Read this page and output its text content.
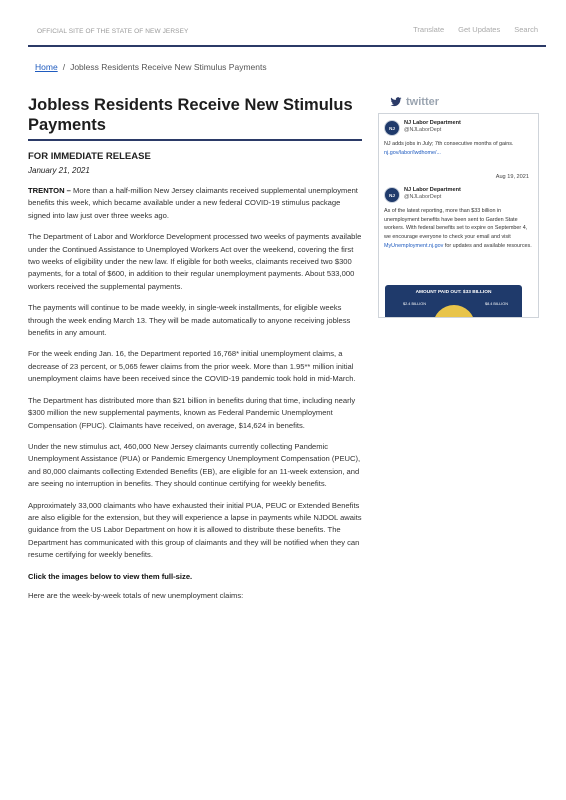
OFFICIAL SITE OF THE STATE OF NEW JERSEY	Translate Get Updates Search
Home / Jobless Residents Receive New Stimulus Payments
Jobless Residents Receive New Stimulus Payments
FOR IMMEDIATE RELEASE
January 21, 2021

TRENTON – More than a half-million New Jersey claimants received supplemental unemployment benefits this week, which became available under a new federal COVID-19 stimulus package signed into law just over three weeks ago.

The Department of Labor and Workforce Development processed two weeks of payments available under the Continued Assistance to Unemployed Workers Act over the weekend, covering the first two weeks of eligibility under the new law. If eligible for both weeks, claimants received two $300 payments, for a total of $600, in addition to their regular unemployment payments. About 533,000 workers received the supplemental payments.

The payments will continue to be made weekly, in single-week installments, for eligible weeks through the week ending March 13. They will be made automatically to anyone receiving jobless benefits in any amount.

For the week ending Jan. 16, the Department reported 16,768* initial unemployment claims, a decrease of 23 percent, or 5,065 fewer claims from the prior week. More than 1.95** million initial unemployment claims have been received since the COVID-19 pandemic took hold in mid-March.

The Department has distributed more than $21 billion in benefits during that time, including nearly $300 million the new supplemental payments, known as Federal Pandemic Unemployment Compensation (FPUC). Claimants have received, on average, $14,624 in benefits.

Under the new stimulus act, 460,000 New Jersey claimants currently collecting Pandemic Unemployment Assistance (PUA) or Pandemic Emergency Unemployment Compensation (PEUC), and 80,000 claimants collecting Extended Benefits (EB), are eligible for an 11-week extension, and are seeing no interruption in benefits. They should continue certifying for weekly benefits.

Approximately 33,000 claimants who have exhausted their initial PUA, PEUC or Extended Benefits are also eligible for the extension, but they will experience a lapse in payments while NJDOL awaits guidance from the US Labor Department on how it is allowed to distribute these benefits. The Department has communicated with this group of claimants and they will be notified when they can resume certifying for weekly benefits.

Click the images below to view them full-size.

Here are the week-by-week totals of new unemployment claims:

twitter
NJ
NJ Labor Department
@NJLaborDept
NJ adds jobs in July; 7th consecutive months of gains. nj.gov/labor/lwdhome/...
Aug 19, 2021
NJ
NJ Labor Department
@NJLaborDept
As of the latest reporting, more than $33 billion in unemployment benefits have been sent to Garden State workers. With federal benefits set to expire on September 4, we encourage everyone to check your email and visit MyUnemployment.nj.gov for updates and available resources.
AMOUNT PAID OUT: $33 BILLION
$2.4 BILLION	$8.4 BILLION
